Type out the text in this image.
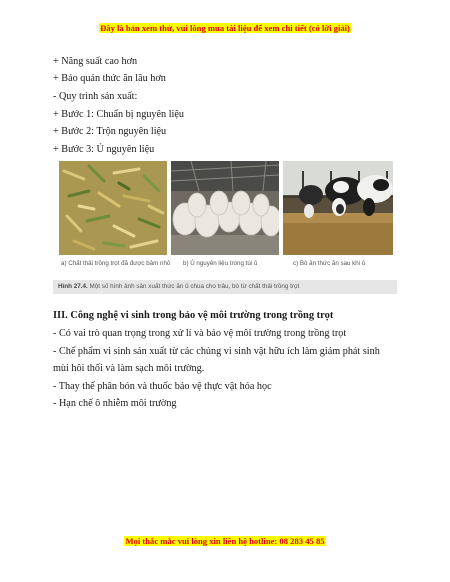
Đây là bản xem thử, vui lòng mua tài liệu để xem chi tiết (có lời giải)
+ Năng suất cao hơn
+ Bảo quản thức ăn lâu hơn
- Quy trình sản xuất:
+ Bước 1: Chuẩn bị nguyên liệu
+ Bước 2: Trộn nguyên liệu
+ Bước 3: Ủ nguyên liệu
a) Chất thải trồng trọt đã được băm nhỏ b) Ủ nguyên liệu trong túi ủ	c) Bò ăn thức ăn sau khi ủ
Hình 27.4. Một số hình ảnh sản xuất thức ăn ủ chua cho trâu, bò từ chất thải trồng trọt
III. Công nghệ vi sinh trong bảo vệ môi trường trong trồng trọt
- Có vai trò quan trọng trong xử lí và bảo vệ môi trường trong trồng trọt
- Chế phẩm vi sinh sản xuất từ các chủng vi sinh vật hữu ích làm giảm phát sinh
mùi hôi thối và làm sạch môi trường.
- Thay thế phân bón và thuốc bảo vệ thực vật hóa học
- Hạn chế ô nhiễm môi trường
Mọi thắc mắc vui lòng xin liên hệ hotline: 08 283 45 85
